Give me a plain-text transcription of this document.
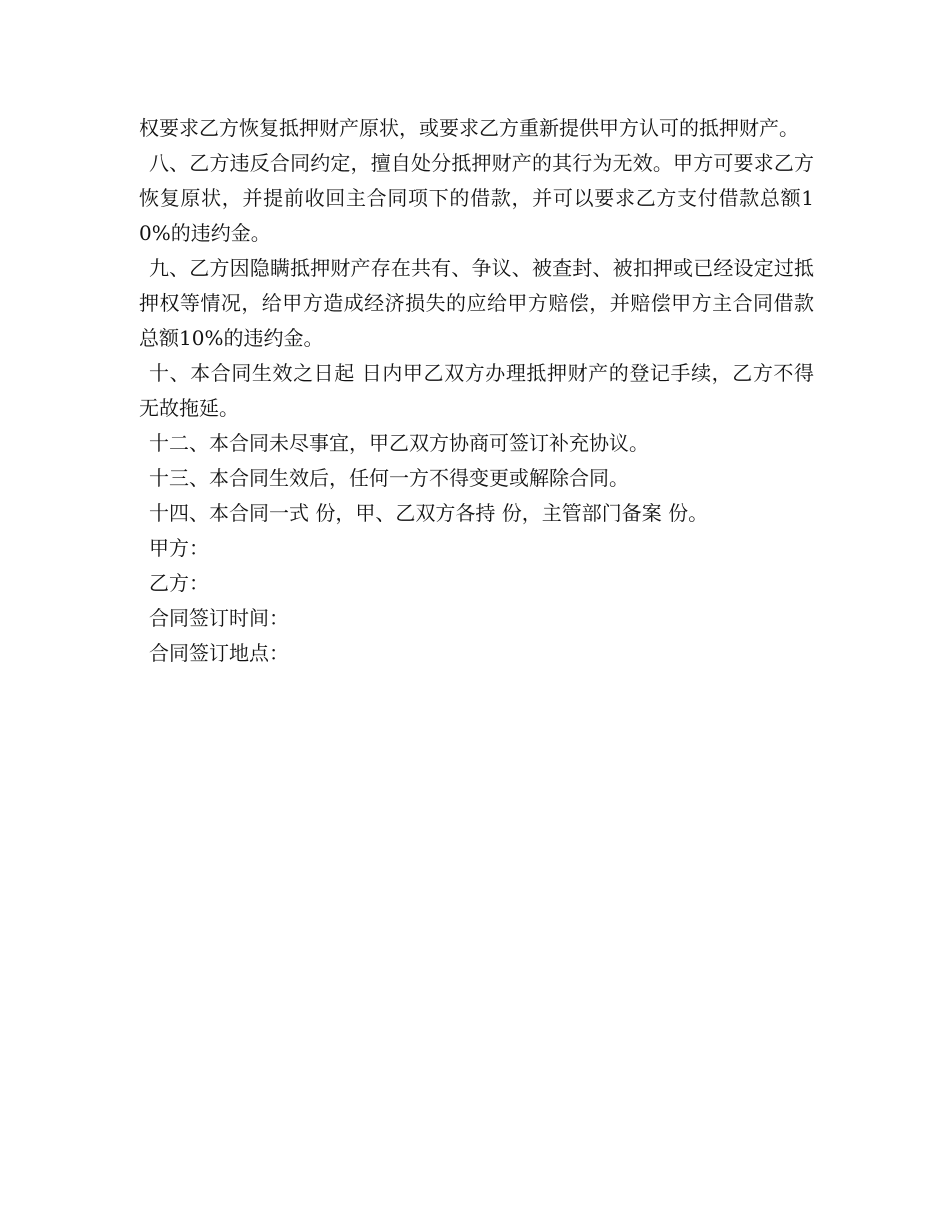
权要求乙方恢复抵押财产原状，或要求乙方重新提供甲方认可的抵押财产。

八、乙方违反合同约定，擅自处分抵押财产的其行为无效。甲方可要求乙方恢复原状，并提前收回主合同项下的借款，并可以要求乙方支付借款总额10%的违约金。

九、乙方因隐瞒抵押财产存在共有、争议、被查封、被扣押或已经设定过抵押权等情况，给甲方造成经济损失的应给甲方赔偿，并赔偿甲方主合同借款总额10%的违约金。

十、本合同生效之日起 日内甲乙双方办理抵押财产的登记手续，乙方不得无故拖延。

十二、本合同未尽事宜，甲乙双方协商可签订补充协议。

十三、本合同生效后，任何一方不得变更或解除合同。

十四、本合同一式 份，甲、乙双方各持 份，主管部门备案 份。

甲方：

乙方：

合同签订时间：

合同签订地点：
